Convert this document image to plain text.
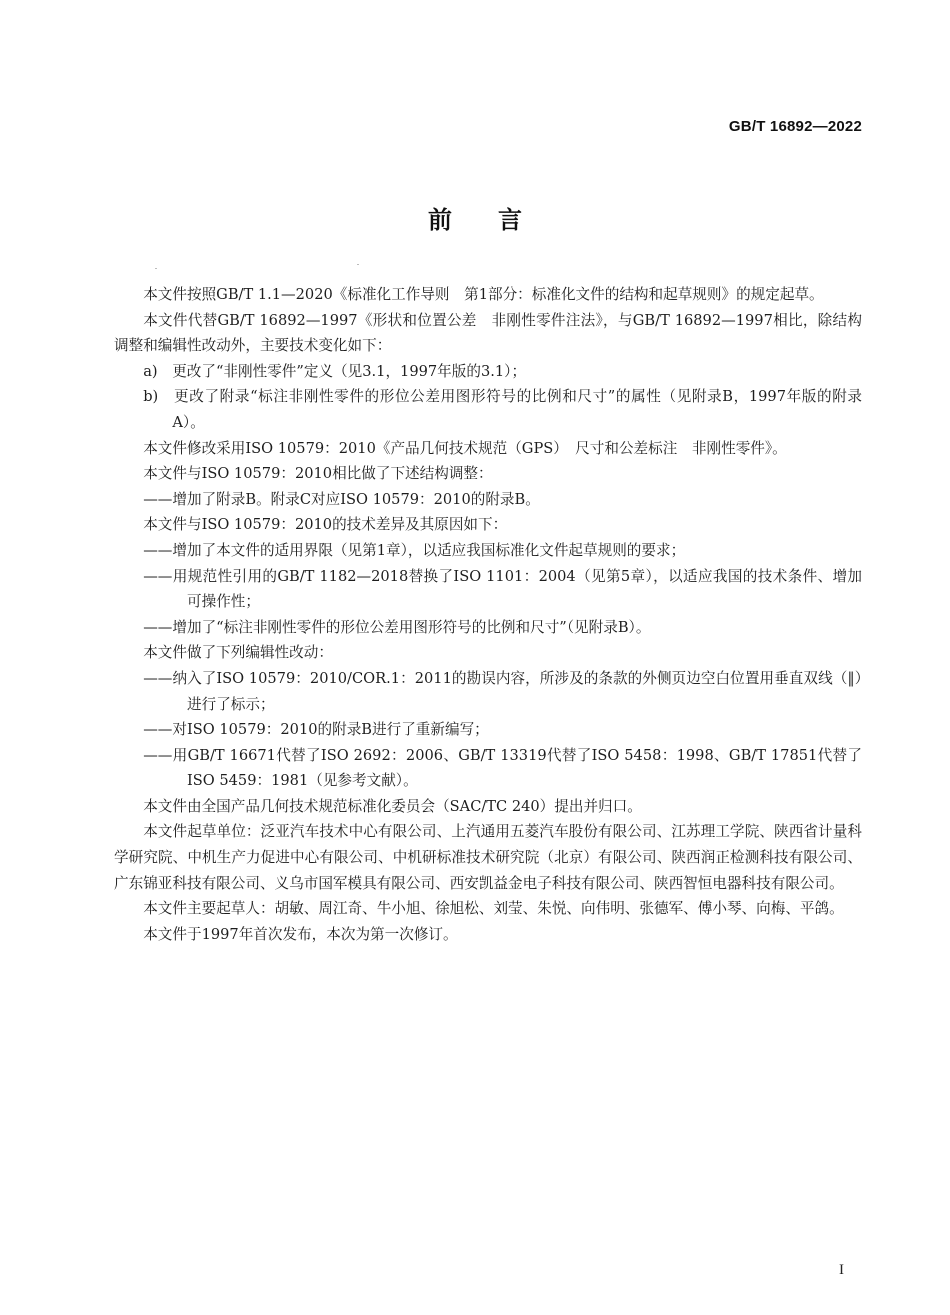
GB/T 16892—2022
前言

本文件按照GB/T 1.1—2020《标准化工作导则　第1部分：标准化文件的结构和起草规则》的规定起草。

本文件代替GB/T 16892—1997《形状和位置公差　非刚性零件注法》，与GB/T 16892—1997相比，除结构调整和编辑性改动外，主要技术变化如下：

a)　更改了“非刚性零件”定义（见3.1，1997年版的3.1）；

b)　更改了附录“标注非刚性零件的形位公差用图形符号的比例和尺寸”的属性（见附录B，1997年版的附录A）。

本文件修改采用ISO 10579：2010《产品几何技术规范（GPS）　尺寸和公差标注　非刚性零件》。

本文件与ISO 10579：2010相比做了下述结构调整：

——增加了附录B。附录C对应ISO 10579：2010的附录B。

本文件与ISO 10579：2010的技术差异及其原因如下：

——增加了本文件的适用界限（见第1章），以适应我国标准化文件起草规则的要求；

——用规范性引用的GB/T 1182—2018替换了ISO 1101：2004（见第5章），以适应我国的技术条件、增加可操作性；

——增加了“标注非刚性零件的形位公差用图形符号的比例和尺寸”（见附录B）。

本文件做了下列编辑性改动：

——纳入了ISO 10579：2010/COR.1：2011的勘误内容，所涉及的条款的外侧页边空白位置用垂直双线（‖）进行了标示；

——对ISO 10579：2010的附录B进行了重新编写；

——用GB/T 16671代替了ISO 2692：2006、GB/T 13319代替了ISO 5458：1998、GB/T 17851代替了ISO 5459：1981（见参考文献）。

本文件由全国产品几何技术规范标准化委员会（SAC/TC 240）提出并归口。

本文件起草单位：泛亚汽车技术中心有限公司、上汽通用五菱汽车股份有限公司、江苏理工学院、陕西省计量科学研究院、中机生产力促进中心有限公司、中机研标准技术研究院（北京）有限公司、陕西润正检测科技有限公司、广东锦亚科技有限公司、义乌市国军模具有限公司、西安凯益金电子科技有限公司、陕西智恒电器科技有限公司。

本文件主要起草人：胡敏、周江奇、牛小旭、徐旭松、刘莹、朱悦、向伟明、张德军、傅小琴、向梅、平鸽。

本文件于1997年首次发布，本次为第一次修订。

I
